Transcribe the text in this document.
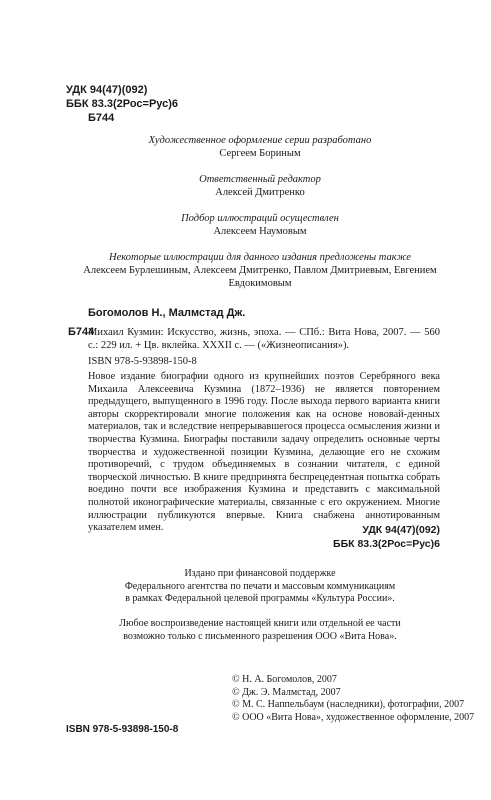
УДК 94(47)(092)
ББК 83.3(2Рос=Рус)6
Б744
Художественное оформление серии разработано
Сергеем Бориным
Ответственный редактор
Алексей Дмитренко
Подбор иллюстраций осуществлен
Алексеем Наумовым
Некоторые иллюстрации для данного издания предложены также
Алексеем Бурлешиным, Алексеем Дмитренко, Павлом Дмитриевым, Евгением Евдокимовым
Богомолов Н., Малмстад Дж.
Б744
Михаил Кузмин: Искусство, жизнь, эпоха. — СПб.: Вита Нова, 2007. — 560 с.: 229 ил. + Цв. вклейка. XXXII с. — («Жизнеописания»).
ISBN 978-5-93898-150-8

Новое издание биографии одного из крупнейших поэтов Серебряного века Михаила Алексеевича Кузмина (1872–1936) не является повторением предыдущего, выпущенного в 1996 году. После выхода первого варианта книги авторы скорректировали многие положения как на основе нововай-денных материалов, так и вследствие непрерывавшегося процесса осмысления жизни и творчества Кузмина. Биографы поставили задачу определить основные черты творчества и художественной позиции Кузмина, делающие его не схожим противоречий, с трудом объединяемых в сознании читателя, с единой творческой личностью. В книге предпринята беспрецедентная попытка собрать воедино почти все изображения Кузмина и представить с максимальной полнотой иконографические материалы, связанные с его окружением. Многие иллюстрации публикуются впервые. Книга снабжена аннотированным указателем имен.	УДК 94(47)(092)
ББК 83.3(2Рос=Рус)6
Издано при финансовой поддержке
Федерального агентства по печати и массовым коммуникациям
в рамках Федеральной целевой программы «Культура России».
Любое воспроизведение настоящей книги или отдельной ее части
возможно только с письменного разрешения ООО «Вита Нова».
© Н. А. Богомолов, 2007
© Дж. Э. Малмстад, 2007
© М. С. Наппельбаум (наследники), фотографии, 2007
© ООО «Вита Нова», художественное оформление, 2007
ISBN 978-5-93898-150-8
